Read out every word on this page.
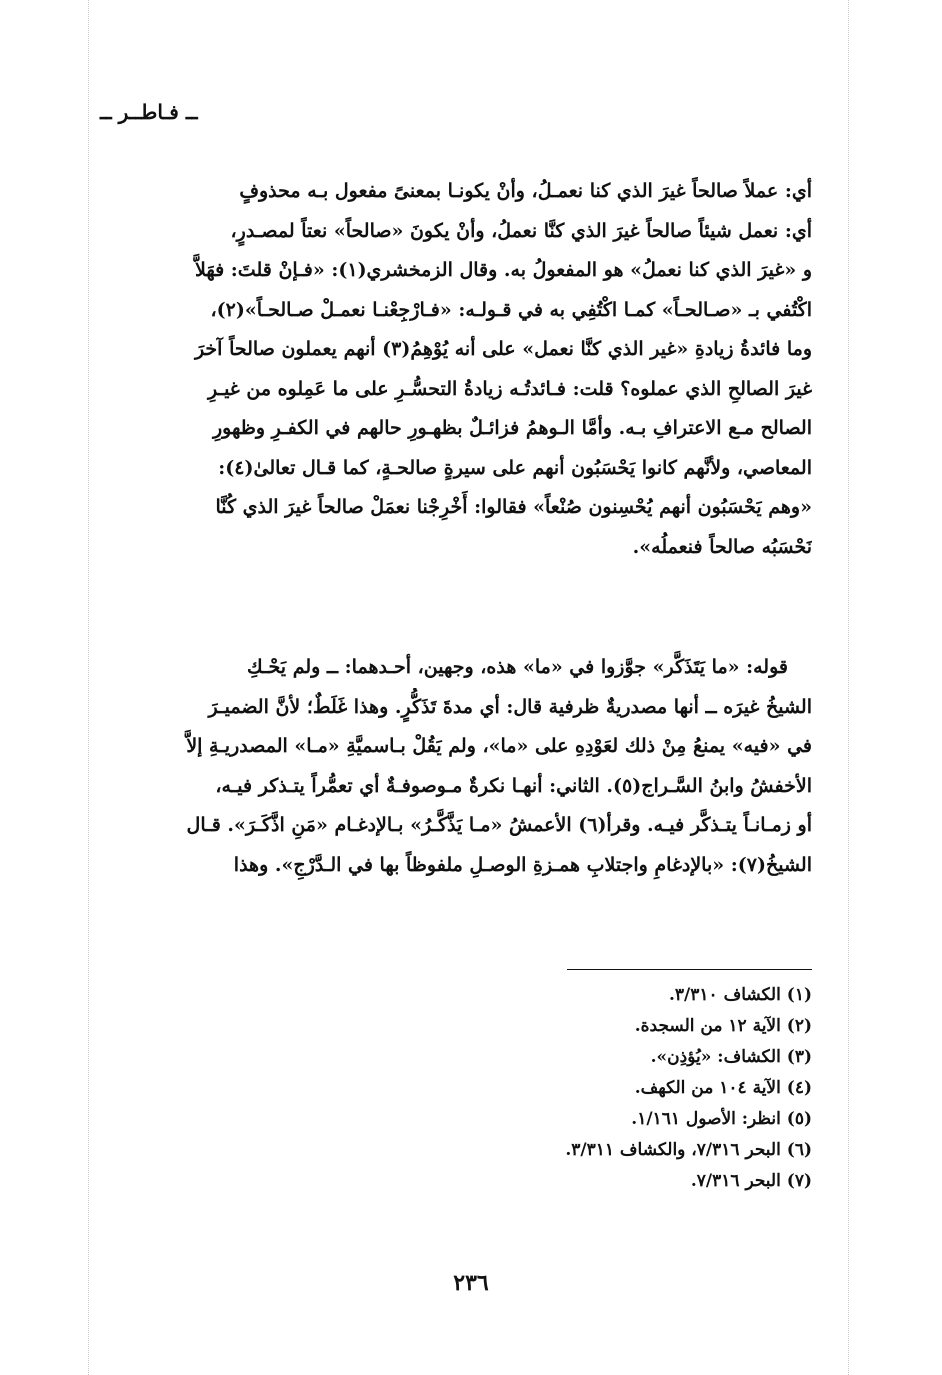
ــ فـاطــر ــ
أي: عملاً صالحاً غيرَ الذي كنا نعمـلُ، وأنْ يكونـا بمعنىً مفعول بـه محذوفٍ
أي: نعمل شيئاً صالحاً غيرَ الذي كنَّا نعملُ، وأنْ يكونَ «صالحاً» نعتاً لمصـدرٍ،
و «غيرَ الذي كنا نعملُ» هو المفعولُ به. وقال الزمخشري(١): «فـإنْ قلتَ: فهَلاَّ
اكْتُفي بـ «صـالحـاً» كمـا اكْتُفِي به في قـولـه: «فـارْجِعْنـا نعمـلْ صـالحـاً»(٢)،
وما فائدةُ زيادةِ «غير الذي كنَّا نعمل» على أنه يُوْهِمُ(٣) أنهم يعملون صالحاً آخرَ
غيرَ الصالحِ الذي عملوه؟ قلت: فـائدتُـه زيادةُ التحسُّـرِ على ما عَمِلوه من غيـرِ
الصالح مـع الاعترافِ بـه. وأمَّا الـوهمُ فزائـلٌ بظهـورِ حالهم في الكفـرِ وظهورِ
المعاصي، ولأنَّهم كانوا يَحْسَبُون أنهم على سيرةٍ صالحـةٍ، كما قـال تعالىٰ(٤):
«وهم يَحْسَبُون أنهم يُحْسِنون صُنْعاً» فقالوا: أَخْرِجْنا نعمَلْ صالحاً غيرَ الذي كُنَّا
نَحْسَبُه صالحاً فنعملُه».
قوله: «ما يَتَذَكَّر» جوَّزوا في «ما» هذه، وجهين، أحـدهما: ــ ولم يَحْـكِ
الشيخُ غيرَه ــ أنها مصدريةٌ ظرفية قال: أي مدةَ تَذَكُّرٍ. وهذا غَلَطٌ؛ لأنَّ الضميـرَ
في «فيه» يمنعُ مِنْ ذلك لعَوْدِهِ على «ما»، ولم يَقُلْ بـاسميَّةِ «مـا» المصدريـةِ إلاَّ
الأخفشُ وابنُ السَّـراج(٥). الثاني: أنهـا نكرةٌ مـوصوفـةٌ أي تعمُّراً يتـذكر فيـه،
أو زمـانـاً يتـذكَّر فيـه. وقرأ(٦) الأعمشُ «مـا يَذَّكَّـرُ» بـالإدغـام «مَنِ اذَّكَـرَ». قـال
الشيخُ(٧): «بالإدغامِ واجتلابِ همـزةِ الوصـلِ ملفوظاً بها في الـدَّرْجِ». وهذا
(١) الكشاف ٣/٣١٠.
(٢) الآية ١٢ من السجدة.
(٣) الكشاف: «يُؤذِن».
(٤) الآية ١٠٤ من الكهف.
(٥) انظر: الأصول ١/١٦١.
(٦) البحر ٧/٣١٦، والكشاف ٣/٣١١.
(٧) البحر ٧/٣١٦.
٢٣٦
